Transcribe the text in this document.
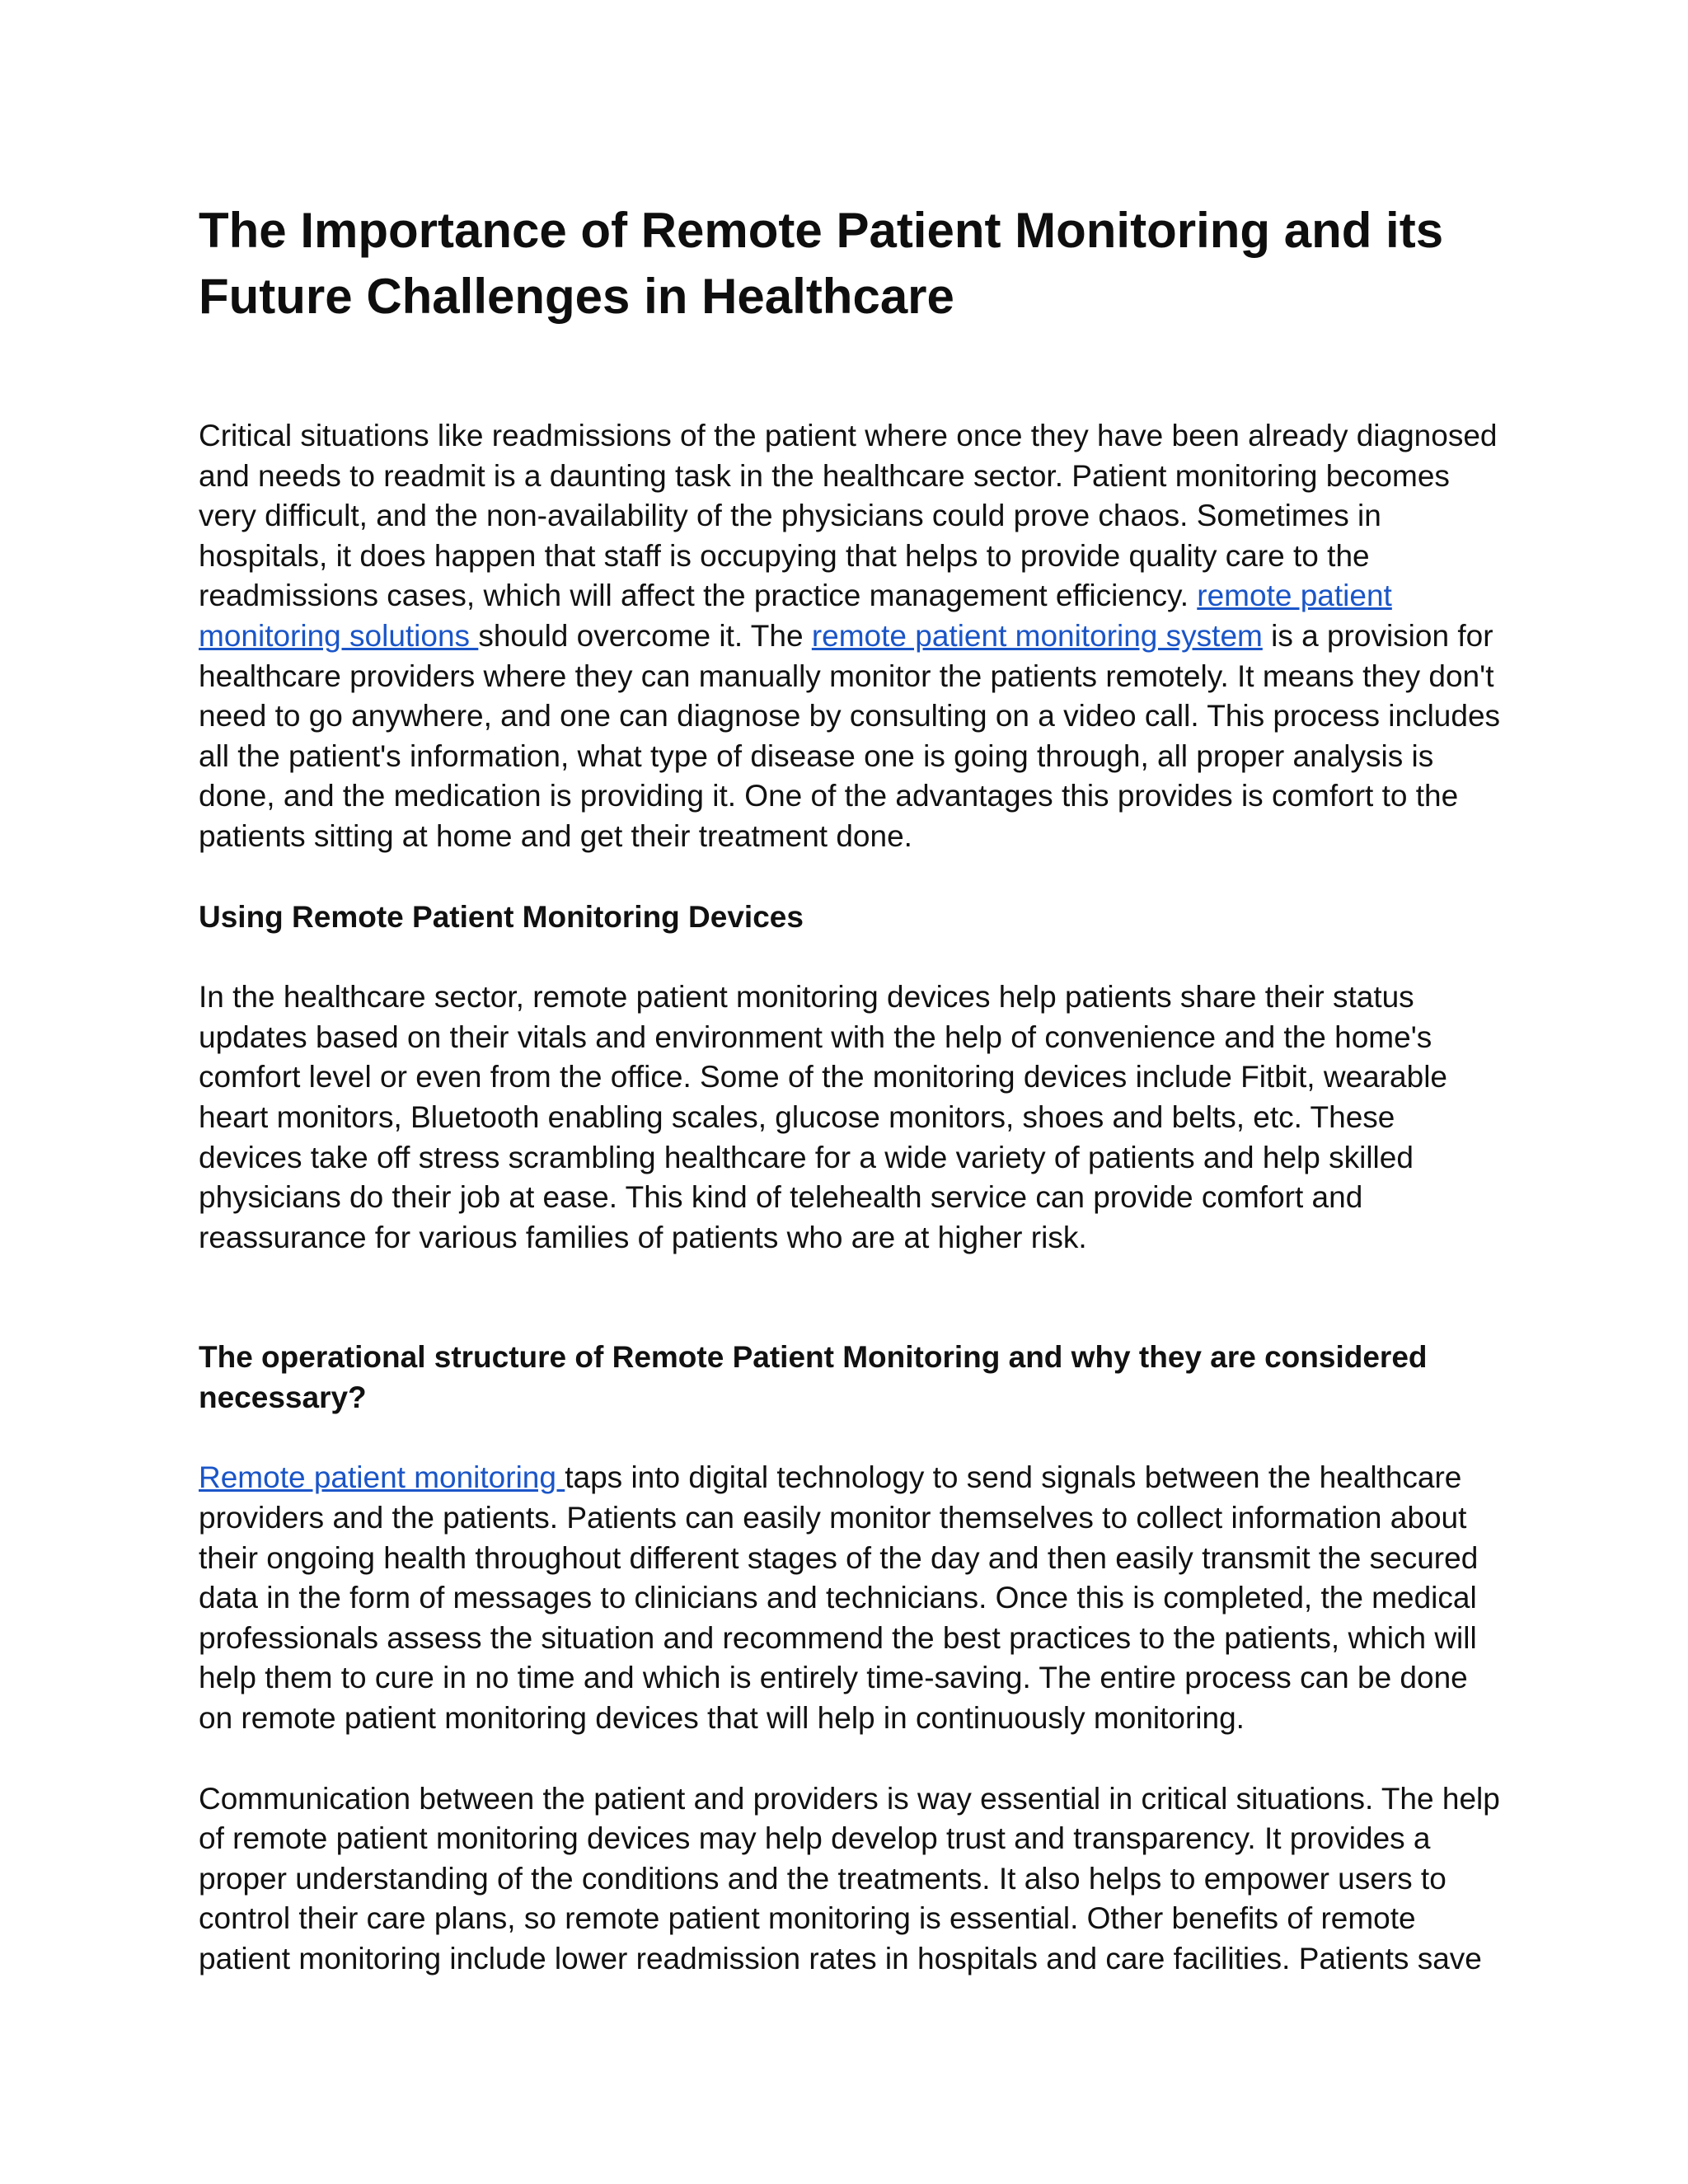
The Importance of Remote Patient Monitoring and its Future Challenges in Healthcare

Critical situations like readmissions of the patient where once they have been already diagnosed and needs to readmit is a daunting task in the healthcare sector. Patient monitoring becomes very difficult, and the non-availability of the physicians could prove chaos. Sometimes in hospitals, it does happen that staff is occupying that helps to provide quality care to the readmissions cases, which will affect the practice management efficiency. remote patient monitoring solutions should overcome it. The remote patient monitoring system is a provision for healthcare providers where they can manually monitor the patients remotely. It means they don't need to go anywhere, and one can diagnose by consulting on a video call. This process includes all the patient's information, what type of disease one is going through, all proper analysis is done, and the medication is providing it. One of the advantages this provides is comfort to the patients sitting at home and get their treatment done.

Using Remote Patient Monitoring Devices

In the healthcare sector, remote patient monitoring devices help patients share their status updates based on their vitals and environment with the help of convenience and the home's comfort level or even from the office. Some of the monitoring devices include Fitbit, wearable heart monitors, Bluetooth enabling scales, glucose monitors, shoes and belts, etc. These devices take off stress scrambling healthcare for a wide variety of patients and help skilled physicians do their job at ease. This kind of telehealth service can provide comfort and reassurance for various families of patients who are at higher risk.

The operational structure of Remote Patient Monitoring and why they are considered necessary?

Remote patient monitoring taps into digital technology to send signals between the healthcare providers and the patients. Patients can easily monitor themselves to collect information about their ongoing health throughout different stages of the day and then easily transmit the secured data in the form of messages to clinicians and technicians. Once this is completed, the medical professionals assess the situation and recommend the best practices to the patients, which will help them to cure in no time and which is entirely time-saving. The entire process can be done on remote patient monitoring devices that will help in continuously monitoring.

Communication between the patient and providers is way essential in critical situations. The help of remote patient monitoring devices may help develop trust and transparency. It provides a proper understanding of the conditions and the treatments. It also helps to empower users to control their care plans, so remote patient monitoring is essential. Other benefits of remote patient monitoring include lower readmission rates in hospitals and care facilities. Patients save
